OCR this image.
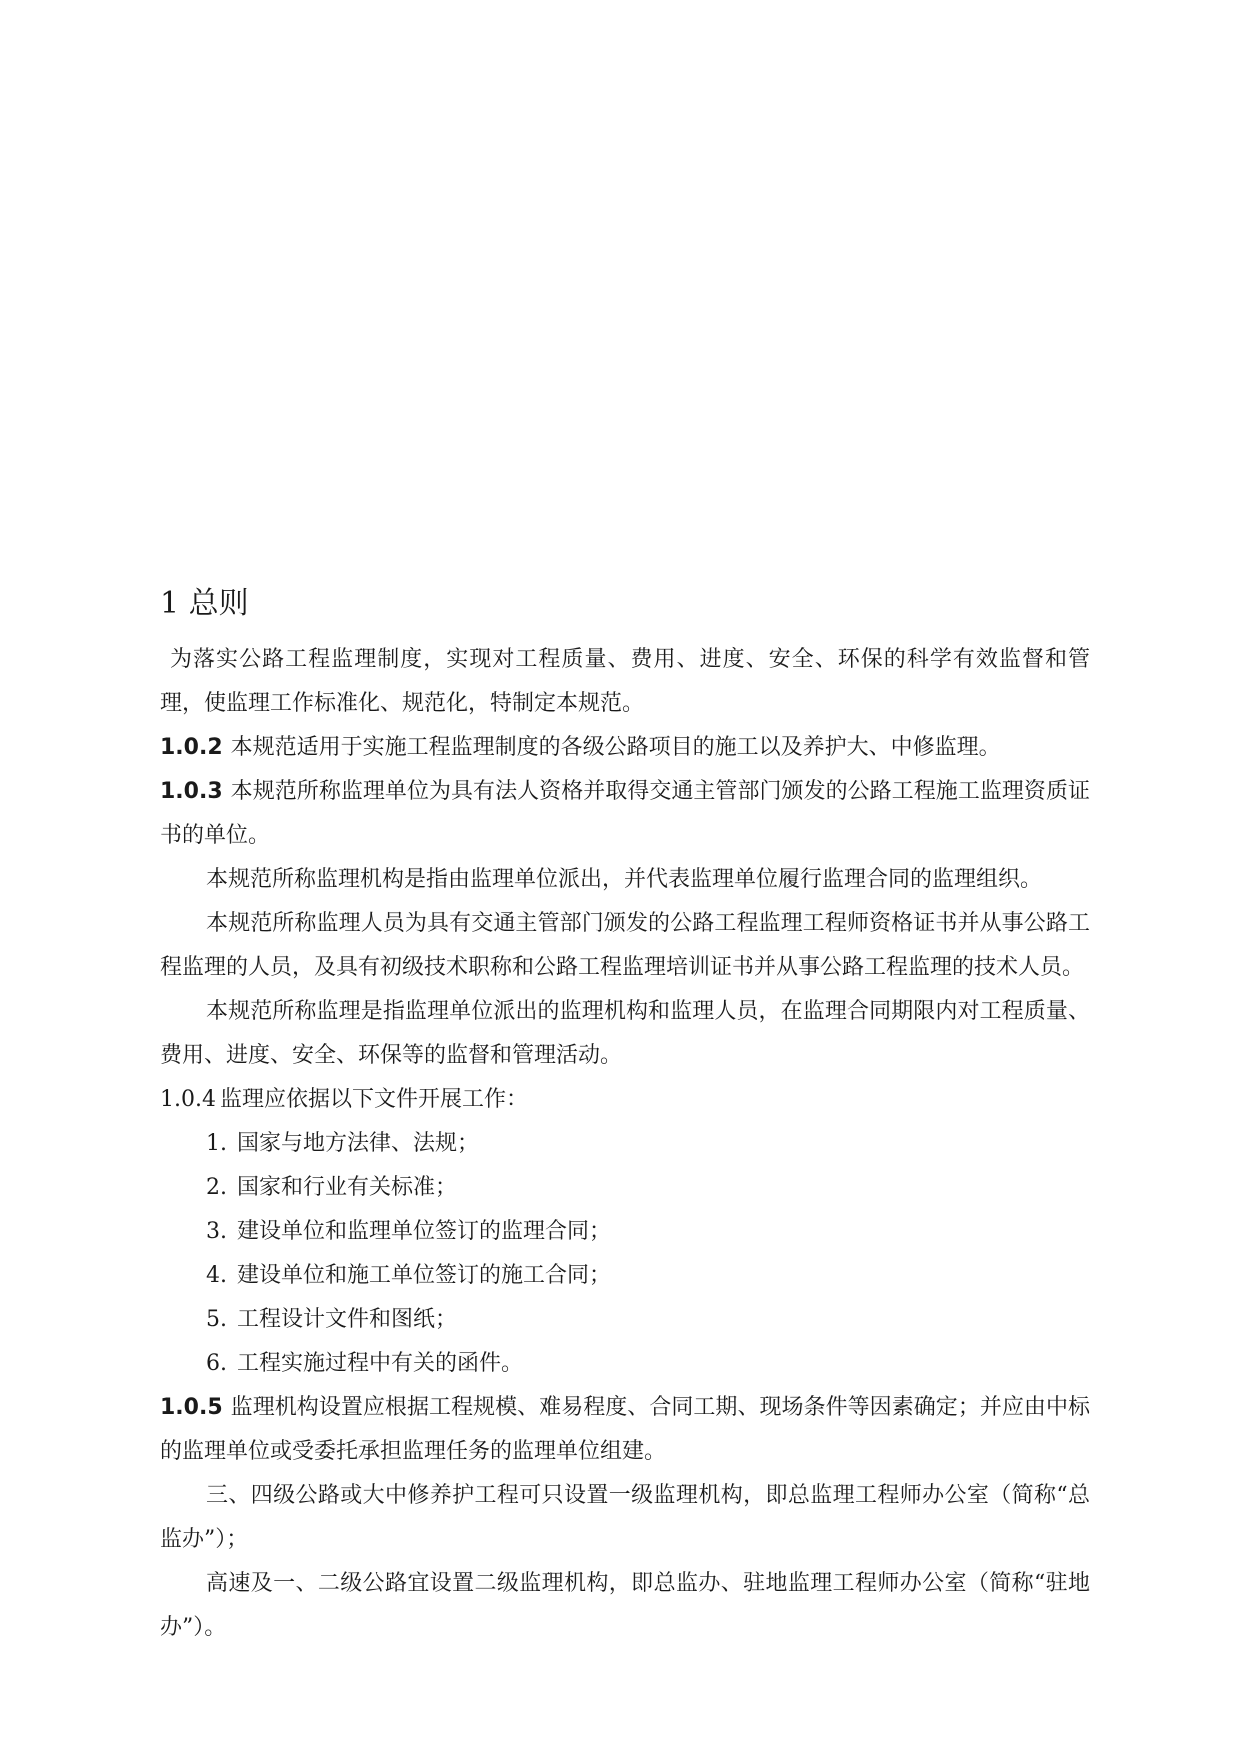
1 总则

为落实公路工程监理制度，实现对工程质量、费用、进度、安全、环保的科学有效监督和管理，使监理工作标准化、规范化，特制定本规范。

1.0.2 本规范适用于实施工程监理制度的各级公路项目的施工以及养护大、中修监理。

1.0.3 本规范所称监理单位为具有法人资格并取得交通主管部门颁发的公路工程施工监理资质证书的单位。

本规范所称监理机构是指由监理单位派出，并代表监理单位履行监理合同的监理组织。

本规范所称监理人员为具有交通主管部门颁发的公路工程监理工程师资格证书并从事公路工程监理的人员，及具有初级技术职称和公路工程监理培训证书并从事公路工程监理的技术人员。

本规范所称监理是指监理单位派出的监理机构和监理人员，在监理合同期限内对工程质量、费用、进度、安全、环保等的监督和管理活动。

1.0.4 监理应依据以下文件开展工作：

1. 国家与地方法律、法规；

2. 国家和行业有关标准；

3. 建设单位和监理单位签订的监理合同；

4. 建设单位和施工单位签订的施工合同；

5. 工程设计文件和图纸；

6. 工程实施过程中有关的函件。

1.0.5 监理机构设置应根据工程规模、难易程度、合同工期、现场条件等因素确定；并应由中标的监理单位或受委托承担监理任务的监理单位组建。

三、四级公路或大中修养护工程可只设置一级监理机构，即总监理工程师办公室（简称“总监办”）；

高速及一、二级公路宜设置二级监理机构，即总监办、驻地监理工程师办公室（简称“驻地办”）。
